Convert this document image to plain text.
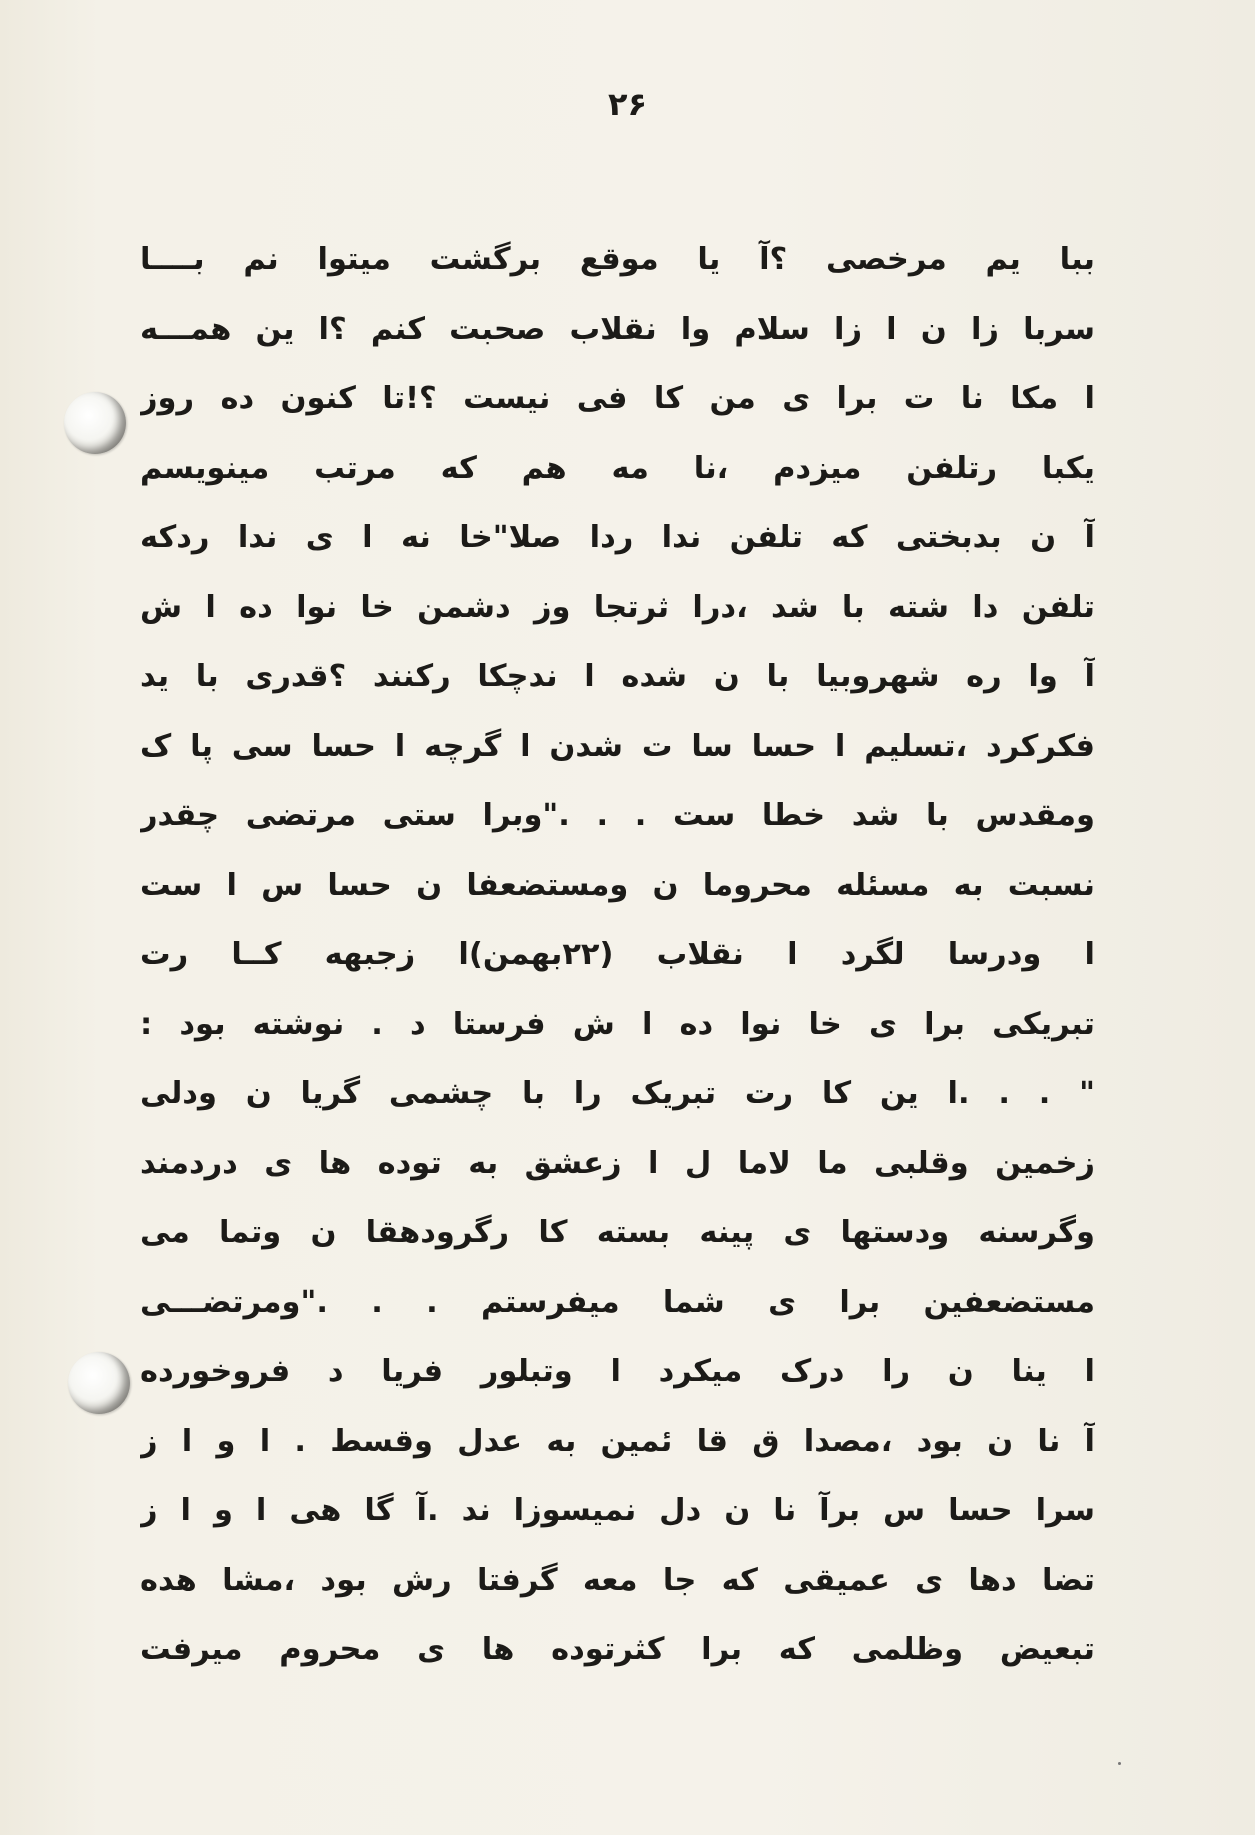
۲۶
ببا یم مرخصی ؟آ یا موقع برگشت میتوا نم بــــا
سربا زا ن ا زا سلام وا نقلاب صحبت کنم ؟ا ین همـــه
ا مکا نا ت برا ی من کا فی نیست ؟!تا کنون ده روز
یکبا رتلفن میزدم ،نا مه هم که مرتب مینویسم
آ ن بدبختی که تلفن ندا ردا صلا"خا نه ا ی ندا ردکه
تلفن دا شته با شد ،درا ثرتجا وز دشمن خا نوا ده ا ش
آ وا ره شهروبیا با ن شده ا ندچکا رکنند ؟قدری با ید
فکرکرد ،تسلیم ا حسا سا ت شدن ا گرچه ا حسا سی پا ک
ومقدس با شد خطا ست . . ."وبرا ستی مرتضی چقدر
نسبت به مسئله محروما ن ومستضعفا ن حسا س ا ست
ا ودرسا لگرد ا نقلاب (۲۲بهمن)ا زجبهه کــا رت
تبریکی برا ی خا نوا ده ا ش فرستا د . نوشته بود :
" . . .ا ین کا رت تبریک را با چشمی گریا ن ودلی
زخمین وقلبی ما لاما ل ا زعشق به توده ها ی دردمند
وگرسنه ودستها ی پینه بسته کا رگرودهقا ن وتما می
مستضعفین برا ی شما میفرستم . . ."ومرتضـــی
ا ینا ن را درک میکرد ا وتبلور فریا د فروخورده
آ نا ن بود ،مصدا ق قا ئمین به عدل وقسط . ا و ا ز
سرا حسا س برآ نا ن دل نمیسوزا ند .آ گا هی ا و ا ز
تضا دها ی عمیقی که جا معه گرفتا رش بود ،مشا هده
تبعیض وظلمی که برا کثرتوده ها ی محروم میرفت
